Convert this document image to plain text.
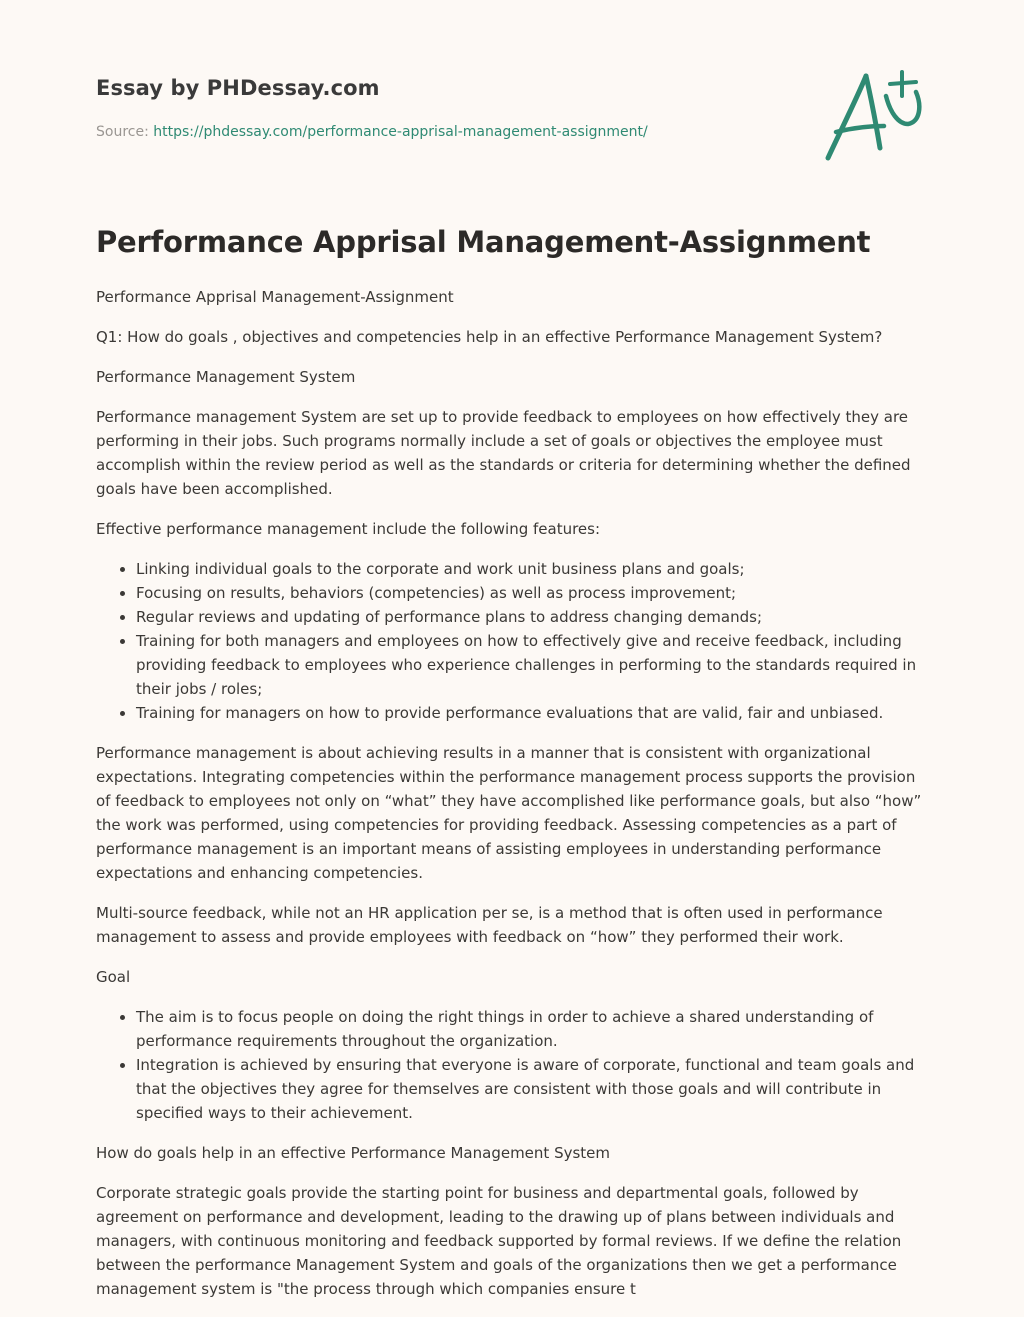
Essay by PHDessay.com
Source: https://phdessay.com/performance-apprisal-management-assignment/
Performance Apprisal Management-Assignment

Performance Apprisal Management-Assignment

Q1: How do goals , objectives and competencies help in an effective Performance Management System?

Performance Management System

Performance management System are set up to provide feedback to employees on how effectively they are performing in their jobs. Such programs normally include a set of goals or objectives the employee must accomplish within the review period as well as the standards or criteria for determining whether the defined goals have been accomplished.

Effective performance management include the following features:

• Linking individual goals to the corporate and work unit business plans and goals;
• Focusing on results, behaviors (competencies) as well as process improvement;
• Regular reviews and updating of performance plans to address changing demands;
• Training for both managers and employees on how to effectively give and receive feedback, including providing feedback to employees who experience challenges in performing to the standards required in their jobs / roles;
• Training for managers on how to provide performance evaluations that are valid, fair and unbiased.

Performance management is about achieving results in a manner that is consistent with organizational expectations. Integrating competencies within the performance management process supports the provision of feedback to employees not only on “what” they have accomplished like performance goals, but also “how” the work was performed, using competencies for providing feedback. Assessing competencies as a part of performance management is an important means of assisting employees in understanding performance expectations and enhancing competencies.

Multi-source feedback, while not an HR application per se, is a method that is often used in performance management to assess and provide employees with feedback on “how” they performed their work.

Goal

• The aim is to focus people on doing the right things in order to achieve a shared understanding of performance requirements throughout the organization.
• Integration is achieved by ensuring that everyone is aware of corporate, functional and team goals and that the objectives they agree for themselves are consistent with those goals and will contribute in specified ways to their achievement.

How do goals help in an effective Performance Management System

Corporate strategic goals provide the starting point for business and departmental goals, followed by agreement on performance and development, leading to the drawing up of plans between individuals and managers, with continuous monitoring and feedback supported by formal reviews. If we define the relation between the performance Management System and goals of the organizations then we get a performance management system is "the process through which companies ensure t
